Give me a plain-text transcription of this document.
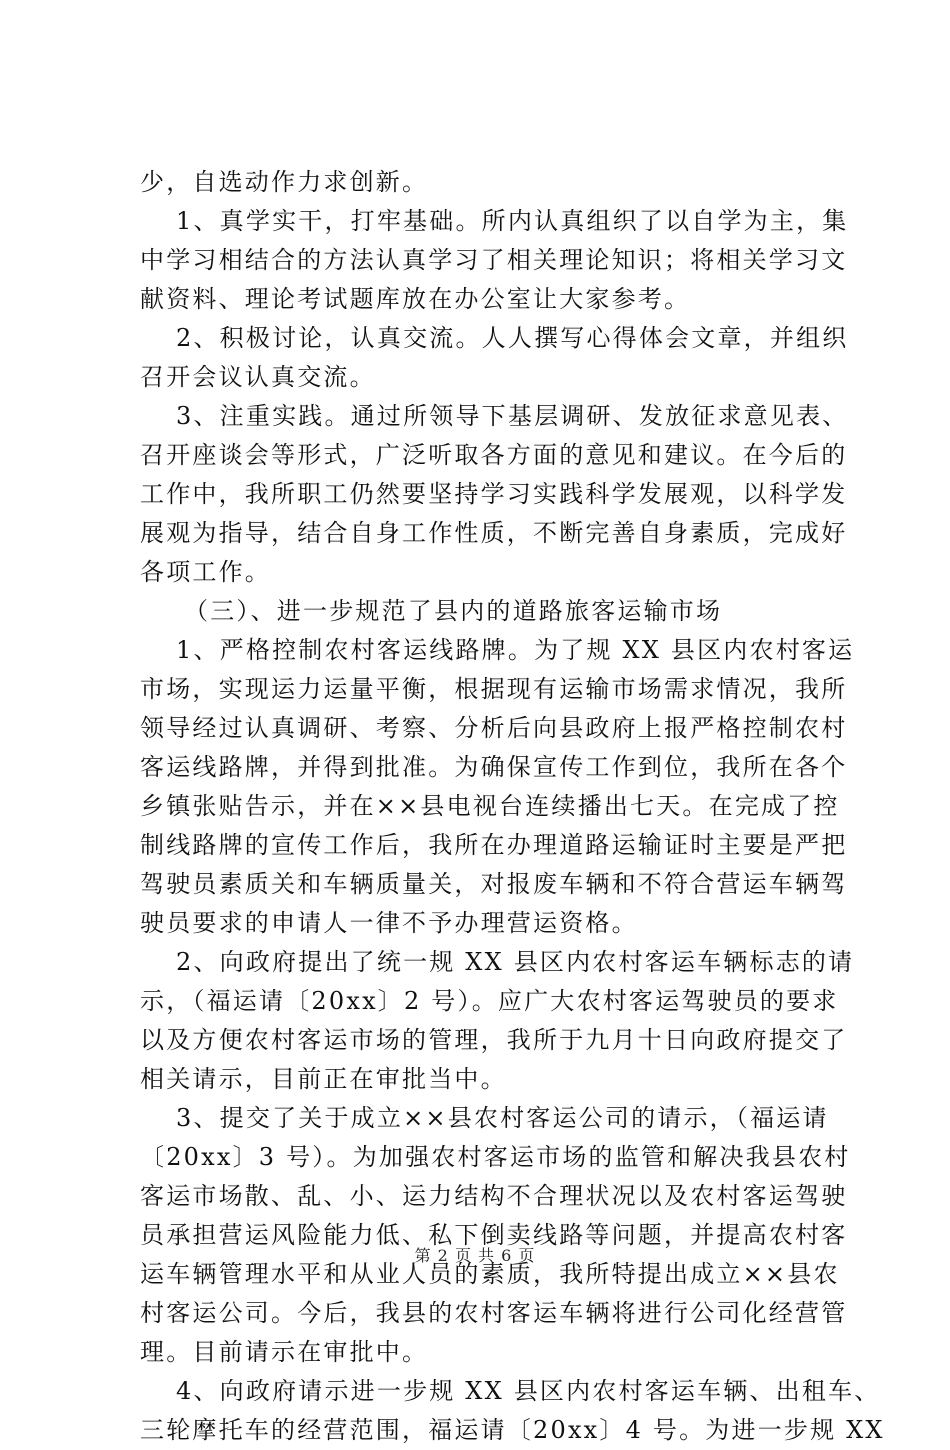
少，自选动作力求创新。
1、真学实干，打牢基础。所内认真组织了以自学为主，集
中学习相结合的方法认真学习了相关理论知识；将相关学习文
献资料、理论考试题库放在办公室让大家参考。
2、积极讨论，认真交流。人人撰写心得体会文章，并组织
召开会议认真交流。
3、注重实践。通过所领导下基层调研、发放征求意见表、
召开座谈会等形式，广泛听取各方面的意见和建议。在今后的
工作中，我所职工仍然要坚持学习实践科学发展观，以科学发
展观为指导，结合自身工作性质，不断完善自身素质，完成好
各项工作。
（三）、进一步规范了县内的道路旅客运输市场
1、严格控制农村客运线路牌。为了规 XX 县区内农村客运
市场，实现运力运量平衡，根据现有运输市场需求情况，我所
领导经过认真调研、考察、分析后向县政府上报严格控制农村
客运线路牌，并得到批准。为确保宣传工作到位，我所在各个
乡镇张贴告示，并在××县电视台连续播出七天。在完成了控
制线路牌的宣传工作后，我所在办理道路运输证时主要是严把
驾驶员素质关和车辆质量关，对报废车辆和不符合营运车辆驾
驶员要求的申请人一律不予办理营运资格。
2、向政府提出了统一规 XX 县区内农村客运车辆标志的请
示，（福运请〔20xx〕2 号）。应广大农村客运驾驶员的要求
以及方便农村客运市场的管理，我所于九月十日向政府提交了
相关请示，目前正在审批当中。
3、提交了关于成立××县农村客运公司的请示，（福运请
〔20xx〕3 号）。为加强农村客运市场的监管和解决我县农村
客运市场散、乱、小、运力结构不合理状况以及农村客运驾驶
员承担营运风险能力低、私下倒卖线路等问题，并提高农村客
运车辆管理水平和从业人员的素质，我所特提出成立××县农
村客运公司。今后，我县的农村客运车辆将进行公司化经营管
理。目前请示在审批中。
4、向政府请示进一步规 XX 县区内农村客运车辆、出租车、
三轮摩托车的经营范围，福运请〔20xx〕4 号。为进一步规 XX
第 2 页 共 6 页
